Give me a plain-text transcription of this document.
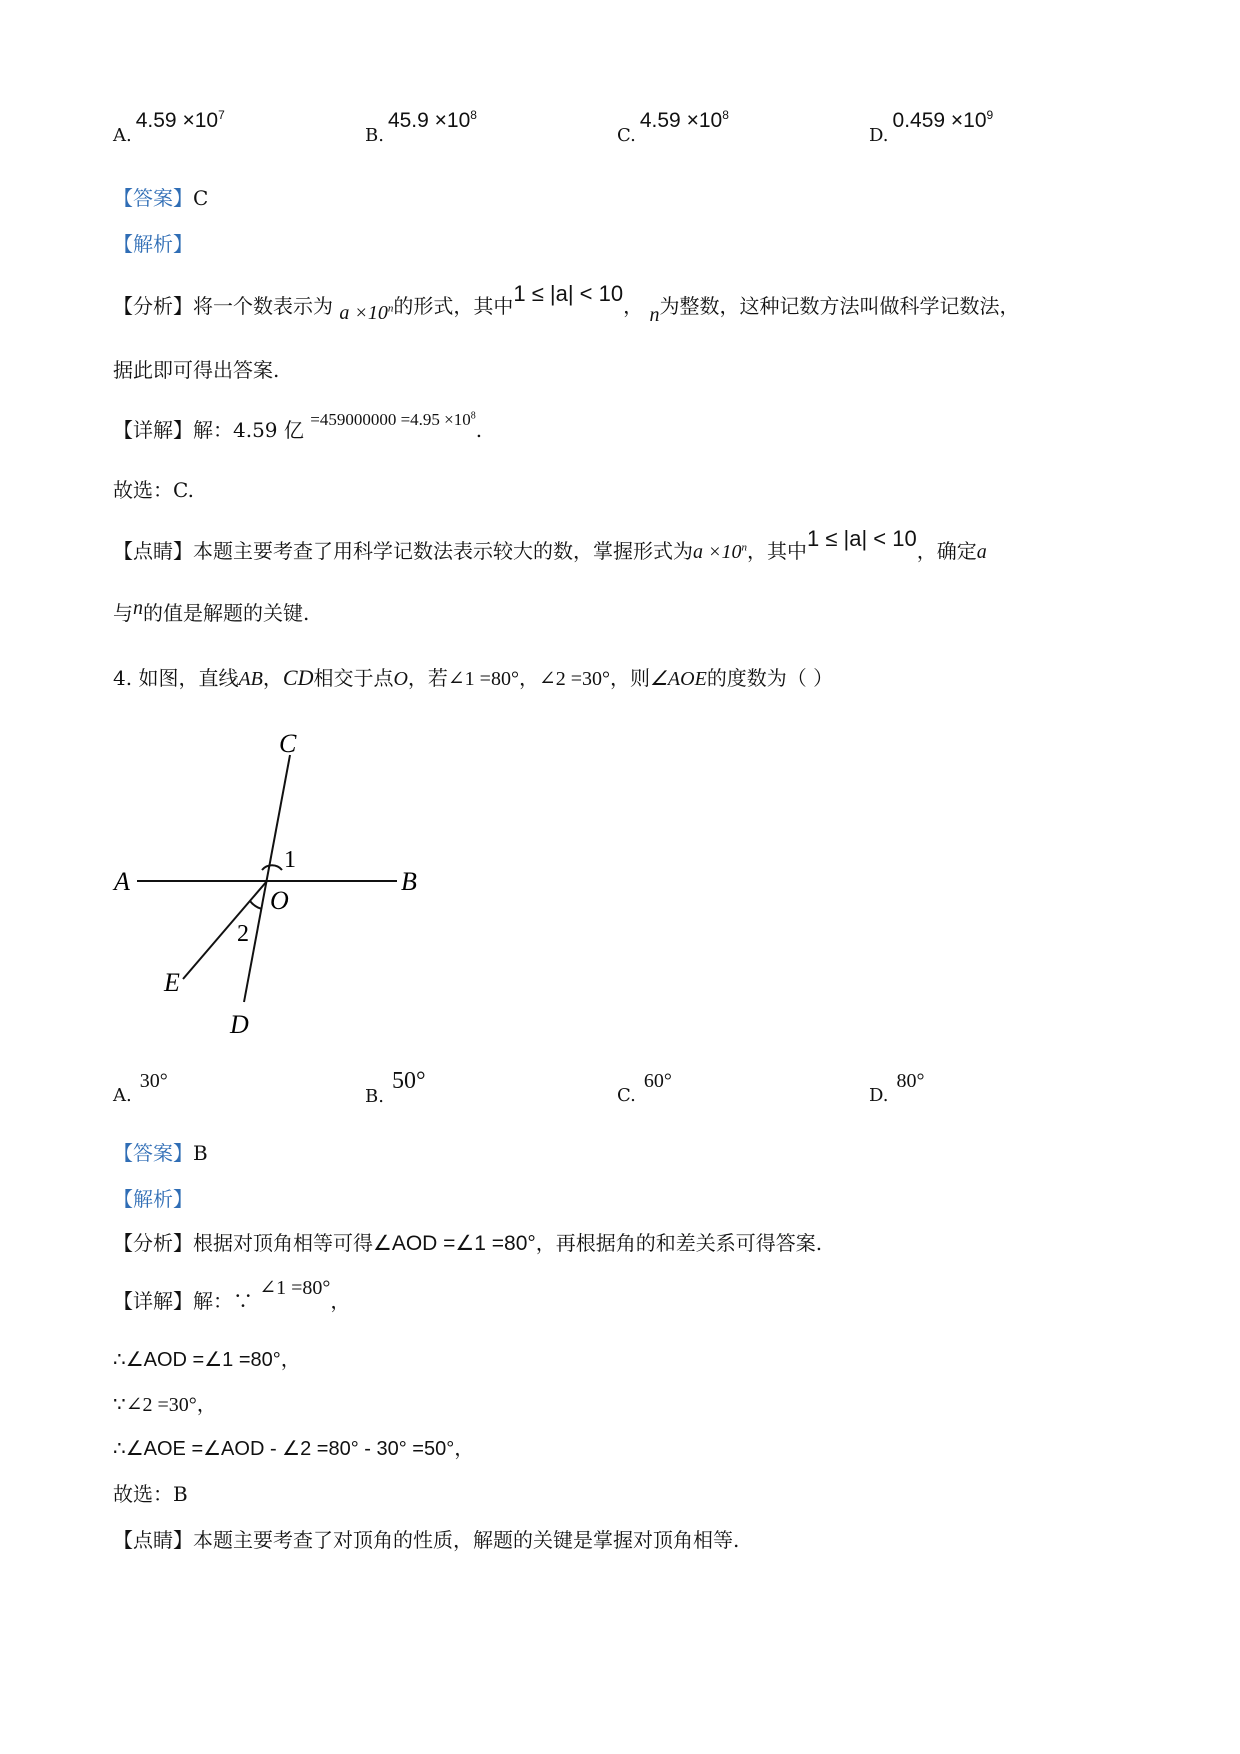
$A.4.59 \times 10^7$
$B.45.9 \times 10^8$
$C.4.59 \times 10^8$
$D.0.459 \times 10^9$
【答案】C
【解析】
【分析】将一个数表示为 $a \times 10^n$的形式，其中1 ≤ |a| < 10， n为整数，这种记数方法叫做科学记数法，
据此即可得出答案.
【详解】解：4.59 亿 $^{=459000000 =4.95 \times 10^8}$.
故选：C.
【点睛】本题主要考查了用科学记数法表示较大的数，掌握形式为$a \times 10^n$，其中1 ≤ |a| < 10，确定a
与n的值是解题的关键.
4. 如图，直线AB，CD相交于点O，若∠1 =80°，∠2 =30°，则∠AOE的度数为（ ）
C
A	B
O
E
D
1
2
A.30°
B.50°
C.60°
D.80°
【答案】B
【解析】
【分析】根据对顶角相等可得∠AOD =∠1 =80°，再根据角的和差关系可得答案.
【详解】解：∵ ∠1 =80°，
∴∠AOD =∠1 =80°，
∵∠2 =30°，
∴∠AOE =∠AOD - ∠2 =80° - 30° =50°，
故选：B
【点睛】本题主要考查了对顶角的性质，解题的关键是掌握对顶角相等.
